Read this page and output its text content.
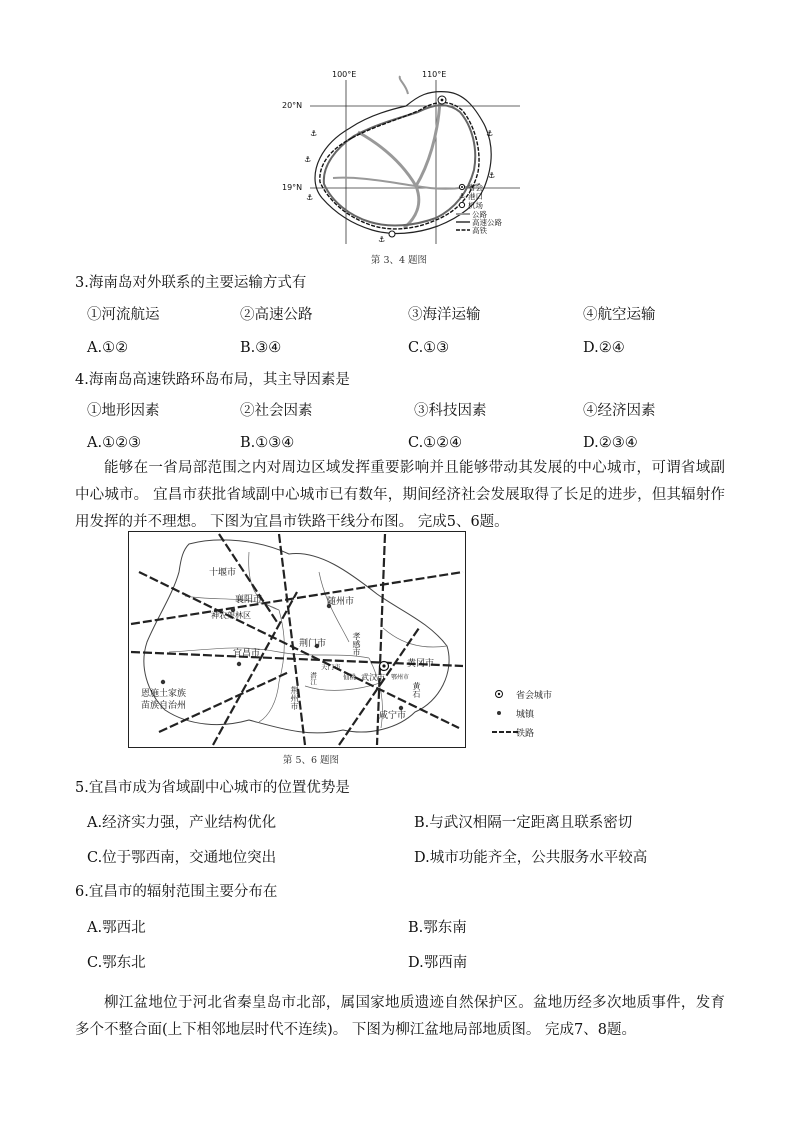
⚓
⚓
⚓
⚓
⚓
⚓
⚓
100°E	110°E
20°N
19°N	省会
港口
机场
公路
高速公路
高铁
第 3、4 题图
3.海南岛对外联系的主要运输方式有
①河流航运	②高速公路	③海洋运输	④航空运输
A.①②	B.③④	C.①③	D.②④
4.海南岛高速铁路环岛布局，其主导因素是
①地形因素	②社会因素	③科技因素	④经济因素
A.①②③	B.①③④	C.①②④	D.②③④
能够在一省局部范围之内对周边区域发挥重要影响并且能够带动其发展的中心城市，可谓省域副中心城市。 宜昌市获批省域副中心城市已有数年，期间经济社会发展取得了长足的进步，但其辐射作用发挥的并不理想。 下图为宜昌市铁路干线分布图。 完成5、6题。
十堰市
襄阳市
神农架林区
随州市
荆门市
宜昌市	孝感市
黄冈市
武汉市
恩施土家族
苗族自治州	荆州市
咸宁市
黄石
天门市
潜江	仙桃	鄂州市
省会城市
城镇
铁路
第 5、6 题图
5.宜昌市成为省域副中心城市的位置优势是
A.经济实力强，产业结构优化	B.与武汉相隔一定距离且联系密切
C.位于鄂西南，交通地位突出	D.城市功能齐全，公共服务水平较高
6.宜昌市的辐射范围主要分布在
A.鄂西北	B.鄂东南
C.鄂东北	D.鄂西南
柳江盆地位于河北省秦皇岛市北部，属国家地质遗迹自然保护区。盆地历经多次地质事件，发育多个不整合面(上下相邻地层时代不连续)。 下图为柳江盆地局部地质图。 完成7、8题。
